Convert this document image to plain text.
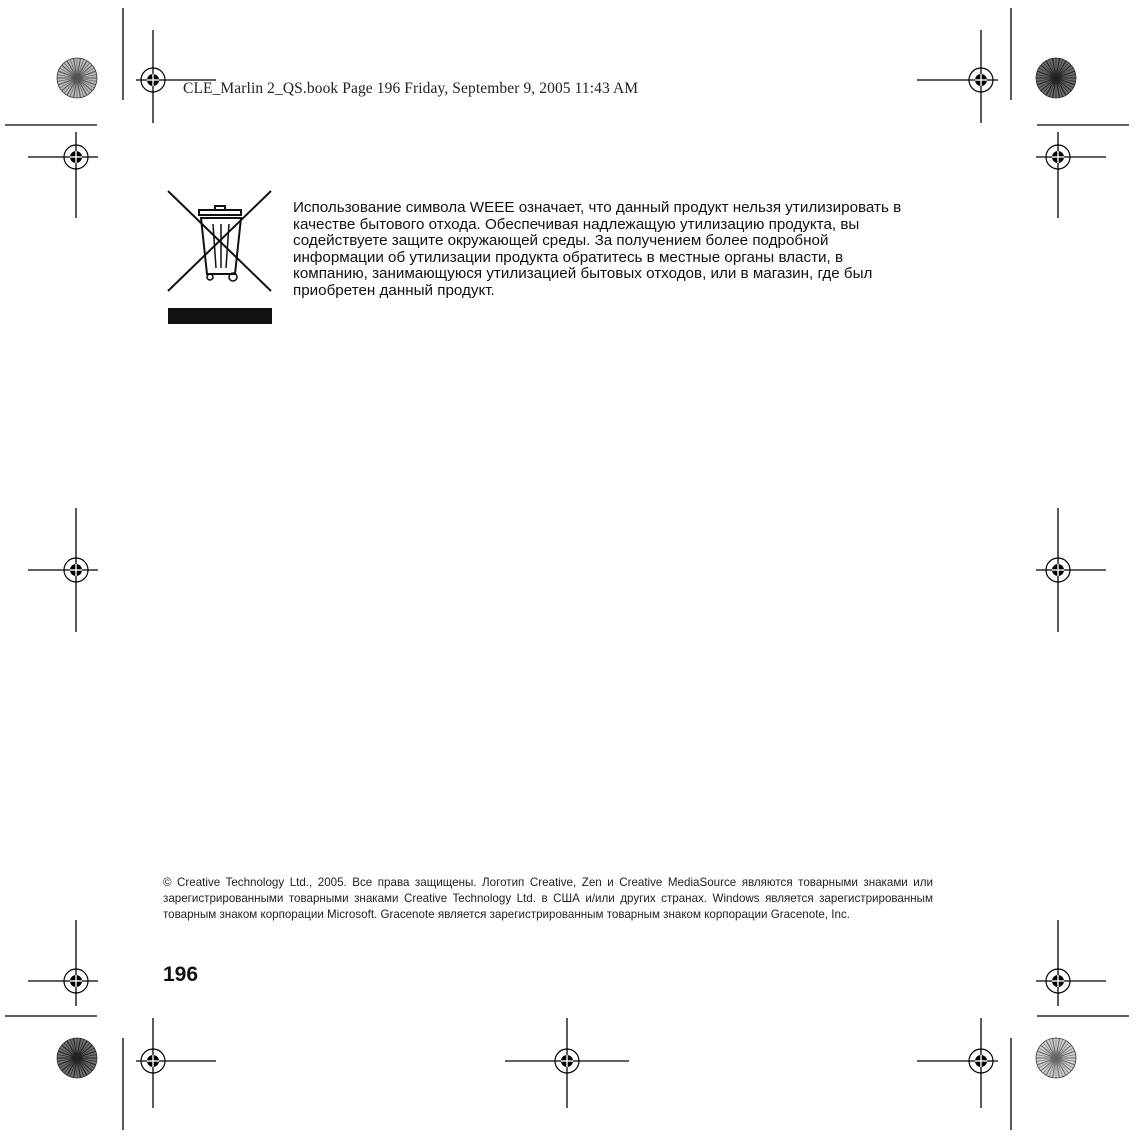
CLE_Marlin 2_QS.book Page 196 Friday, September 9, 2005 11:43 AM

Использование символа WEEE означает, что данный продукт нельзя утилизировать в качестве бытового отхода. Обеспечивая надлежащую утилизацию продукта, вы содействуете защите окружающей среды. За получением более подробной информации об утилизации продукта обратитесь в местные органы власти, в компанию, занимающуюся утилизацией бытовых отходов, или в магазин, где был приобретен данный продукт.

© Creative Technology Ltd., 2005. Все права защищены. Логотип Creative, Zen и Creative MediaSource являются товарными знаками или зарегистрированными товарными знаками Creative Technology Ltd. в США и/или других странах. Windows является зарегистрированным товарным знаком корпорации Microsoft. Gracenote является зарегистрированным товарным знаком корпорации Gracenote, Inc.

196
